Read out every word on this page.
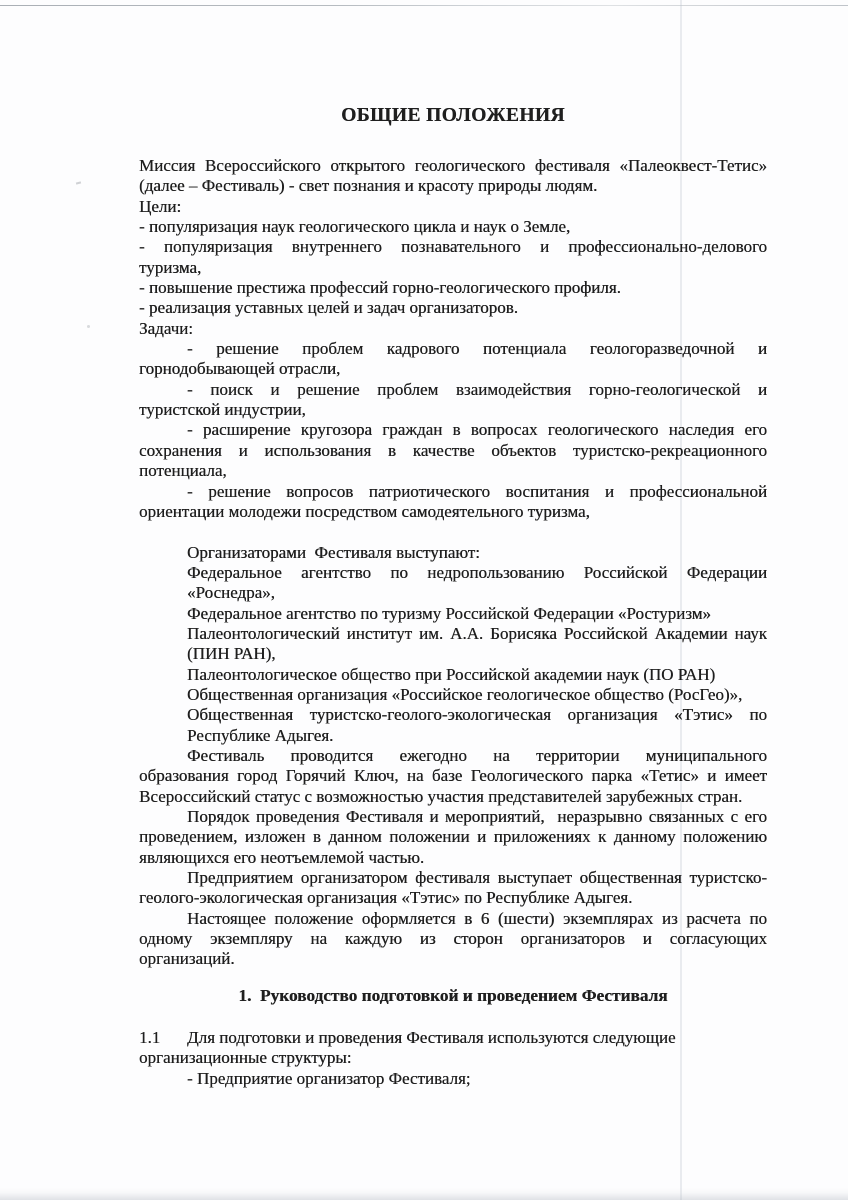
ОБЩИЕ ПОЛОЖЕНИЯ
Миссия Всероссийского открытого геологического фестиваля «Палеоквест-Тетис»
(далее – Фестиваль) - свет познания и красоту природы людям.
Цели:
- популяризация наук геологического цикла и наук о Земле,
- популяризация внутреннего познавательного и профессионально-делового
туризма,
- повышение престижа профессий горно-геологического профиля.
- реализация уставных целей и задач организаторов.
Задачи:
- решение проблем кадрового потенциала геологоразведочной и
горнодобывающей отрасли,
- поиск и решение проблем взаимодействия горно-геологической и
туристской индустрии,
- расширение кругозора граждан в вопросах геологического наследия его
сохранения и использования в качестве объектов туристско-рекреационного
потенциала,
- решение вопросов патриотического воспитания и профессиональной
ориентации молодежи посредством самодеятельного туризма,
Организаторами  Фестиваля выступают:
Федеральное агентство по недропользованию Российской Федерации
«Роснедра»,
Федеральное агентство по туризму Российской Федерации «Ростуризм»
Палеонтологический институт им. А.А. Борисяка Российской Академии наук
(ПИН РАН),
Палеонтологическое общество при Российской академии наук (ПО РАН)
Общественная организация «Российское геологическое общество (РосГео)»,
Общественная туристско-геолого-экологическая организация «Тэтис» по
Республике Адыгея.
Фестиваль проводится ежегодно на территории муниципального
образования город Горячий Ключ, на базе Геологического парка «Тетис» и имеет
Всероссийский статус с возможностью участия представителей зарубежных стран.
Порядок проведения Фестиваля и мероприятий,  неразрывно связанных с его
проведением, изложен в данном положении и приложениях к данному положению
являющихся его неотъемлемой частью.
Предприятием организатором фестиваля выступает общественная туристско-
геолого-экологическая организация «Тэтис» по Республике Адыгея.
Настоящее положение оформляется в 6 (шести) экземплярах из расчета по
одному экземпляру на каждую из сторон организаторов и согласующих
организаций.
1.  Руководство подготовкой и проведением Фестиваля
1.1 Для подготовки и проведения Фестиваля используются следующие
организационные структуры:
- Предприятие организатор Фестиваля;
